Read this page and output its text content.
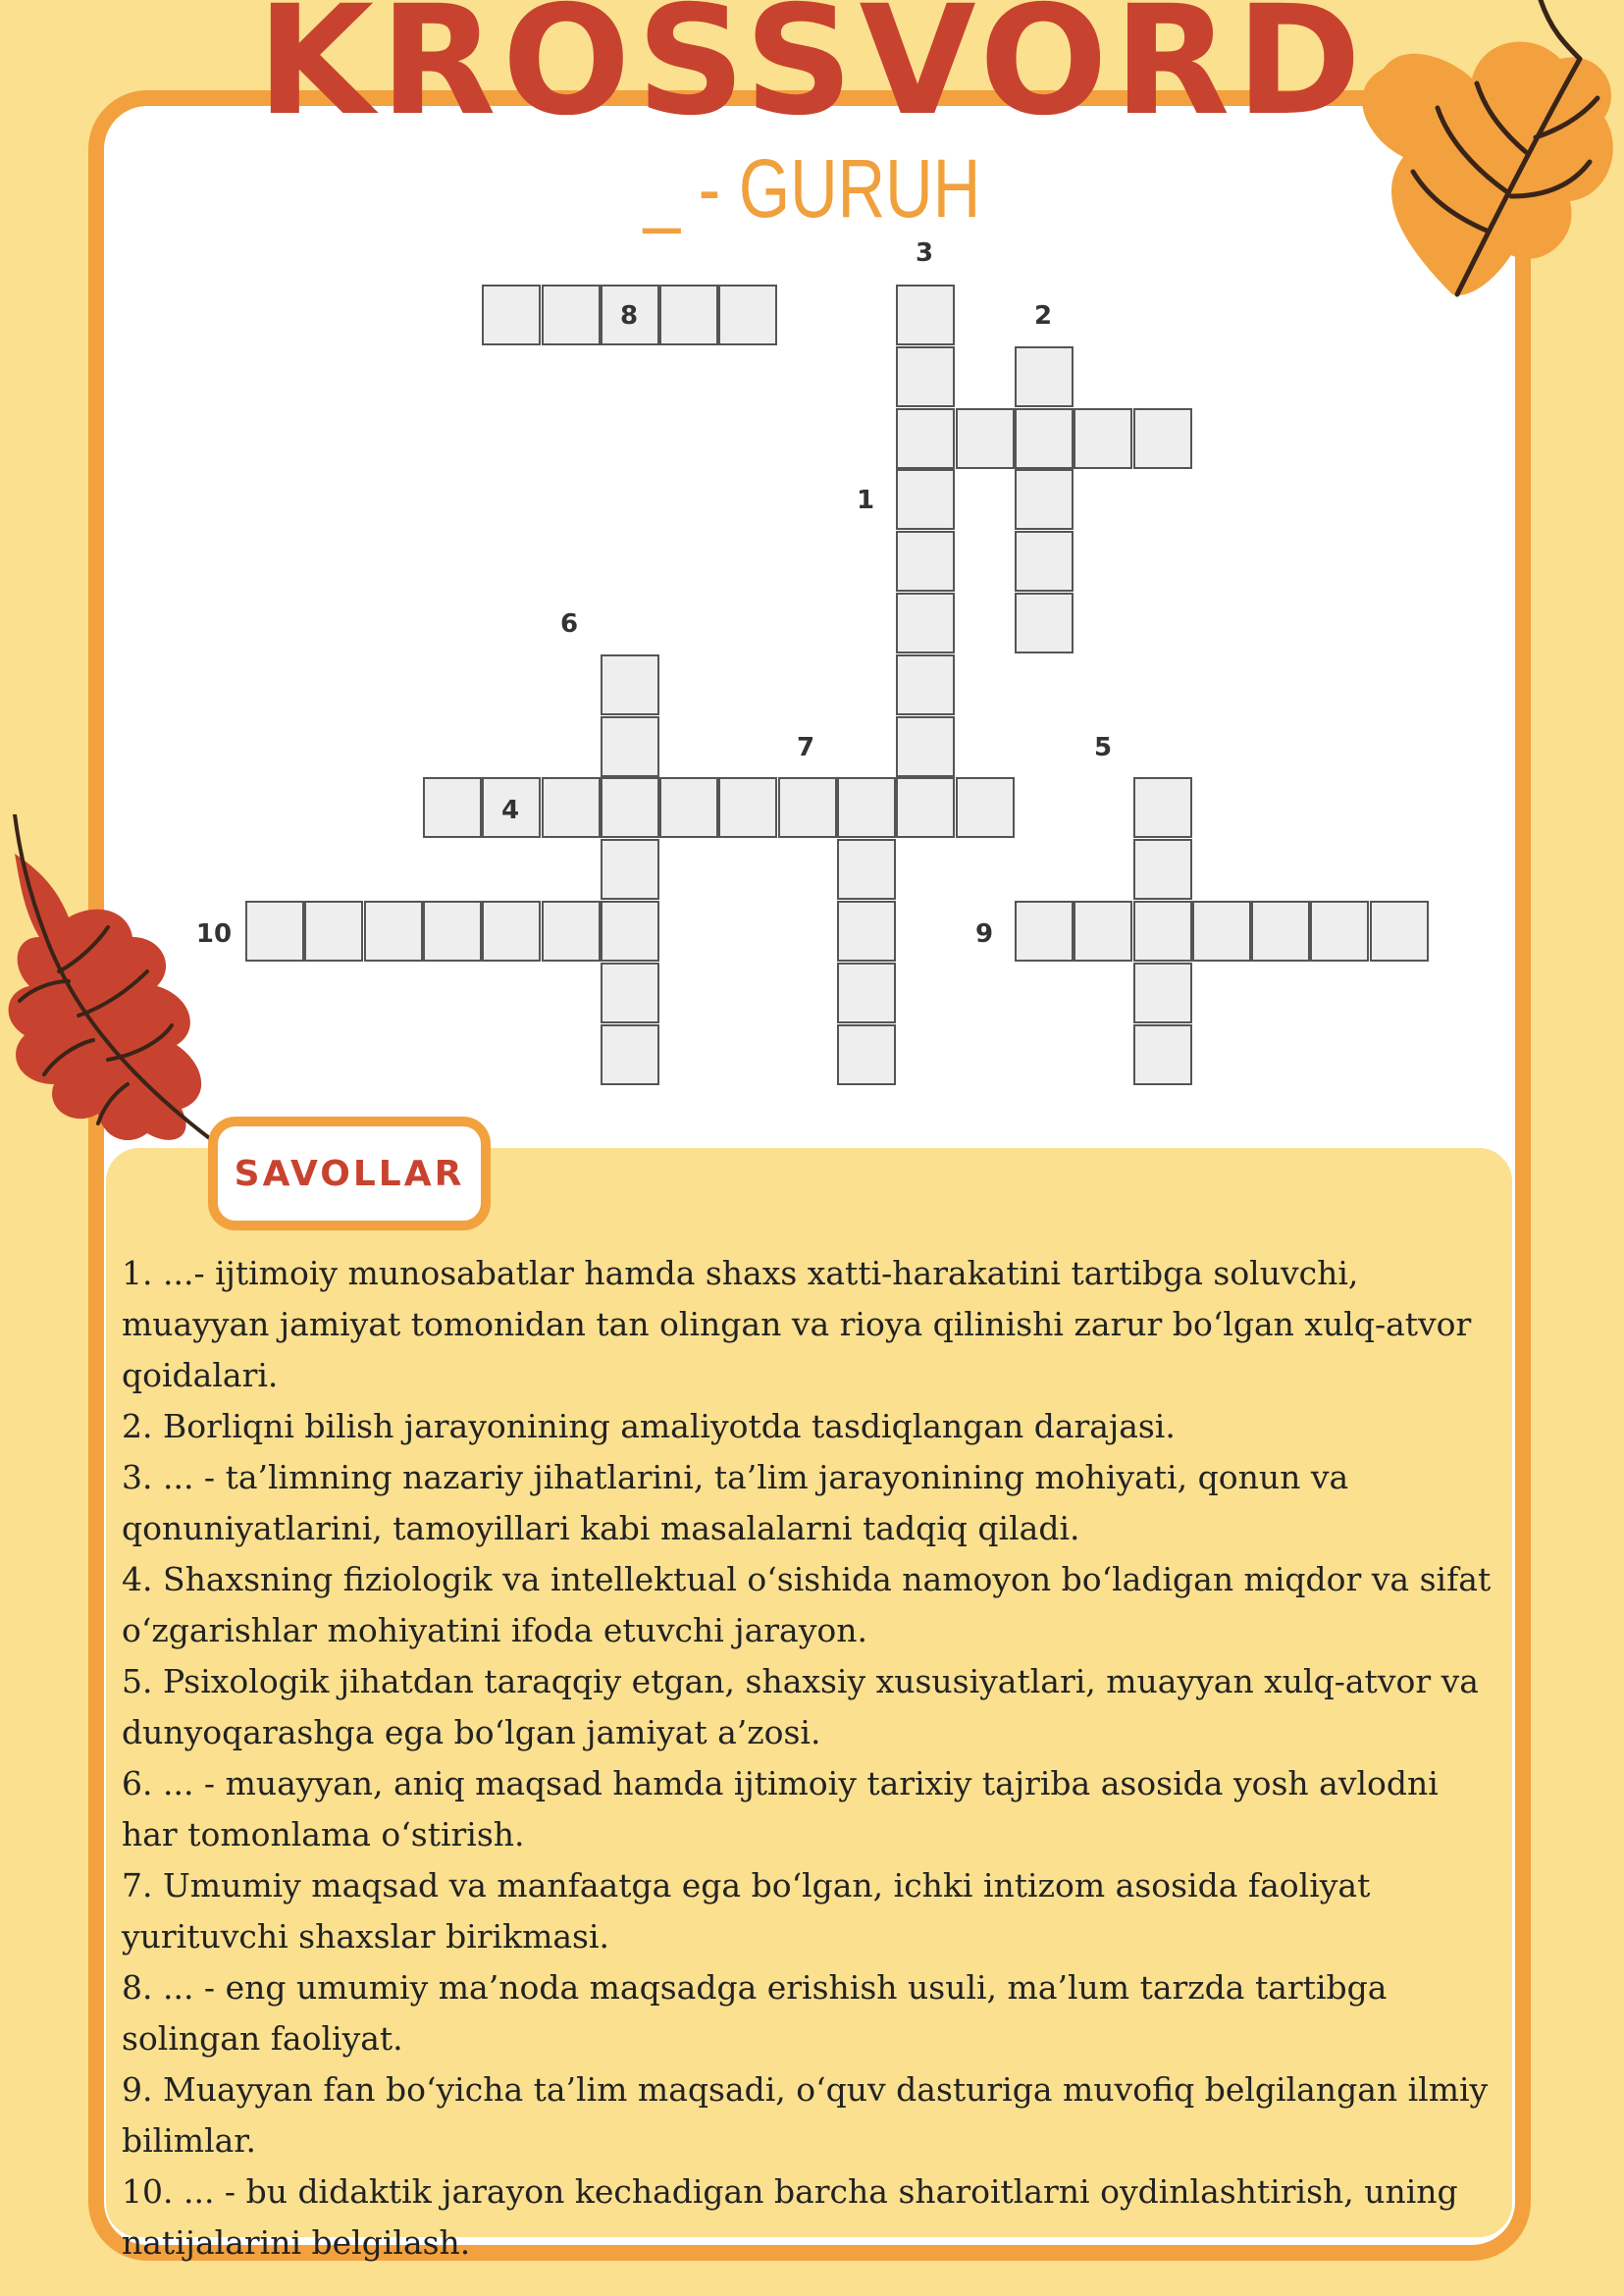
KROSSVORD
_ - GURUH
1
2
3
4
5
6
7
8
9
10
SAVOLLAR

1. ...- ijtimoiy munosabatlar hamda shaxs xatti-harakatini tartibga soluvchi, muayyan jamiyat tomonidan tan olingan va rioya qilinishi zarur bo‘lgan xulq-atvor qoidalari.

2. Borliqni bilish jarayonining amaliyotda tasdiqlangan darajasi.

3. ... - ta’limning nazariy jihatlarini, ta’lim jarayonining mohiyati, qonun va qonuniyatlarini, tamoyillari kabi masalalarni tadqiq qiladi.

4. Shaxsning fiziologik va intellektual o‘sishida namoyon bo‘ladigan miqdor va sifat o‘zgarishlar mohiyatini ifoda etuvchi jarayon.

5. Psixologik jihatdan taraqqiy etgan, shaxsiy xususiyatlari, muayyan xulq-atvor va dunyoqarashga ega bo‘lgan jamiyat a’zosi.

6. ... - muayyan, aniq maqsad hamda ijtimoiy tarixiy tajriba asosida yosh avlodni har tomonlama o‘stirish.

7. Umumiy maqsad va manfaatga ega bo‘lgan, ichki intizom asosida faoliyat yurituvchi shaxslar birikmasi.

8. ... - eng umumiy ma’noda maqsadga erishish usuli, ma’lum tarzda tartibga solingan faoliyat.

9. Muayyan fan bo‘yicha ta’lim maqsadi, o‘quv dasturiga muvofiq belgilangan ilmiy bilimlar.

10. ... - bu didaktik jarayon kechadigan barcha sharoitlarni oydinlashtirish, uning natijalarini belgilash.
